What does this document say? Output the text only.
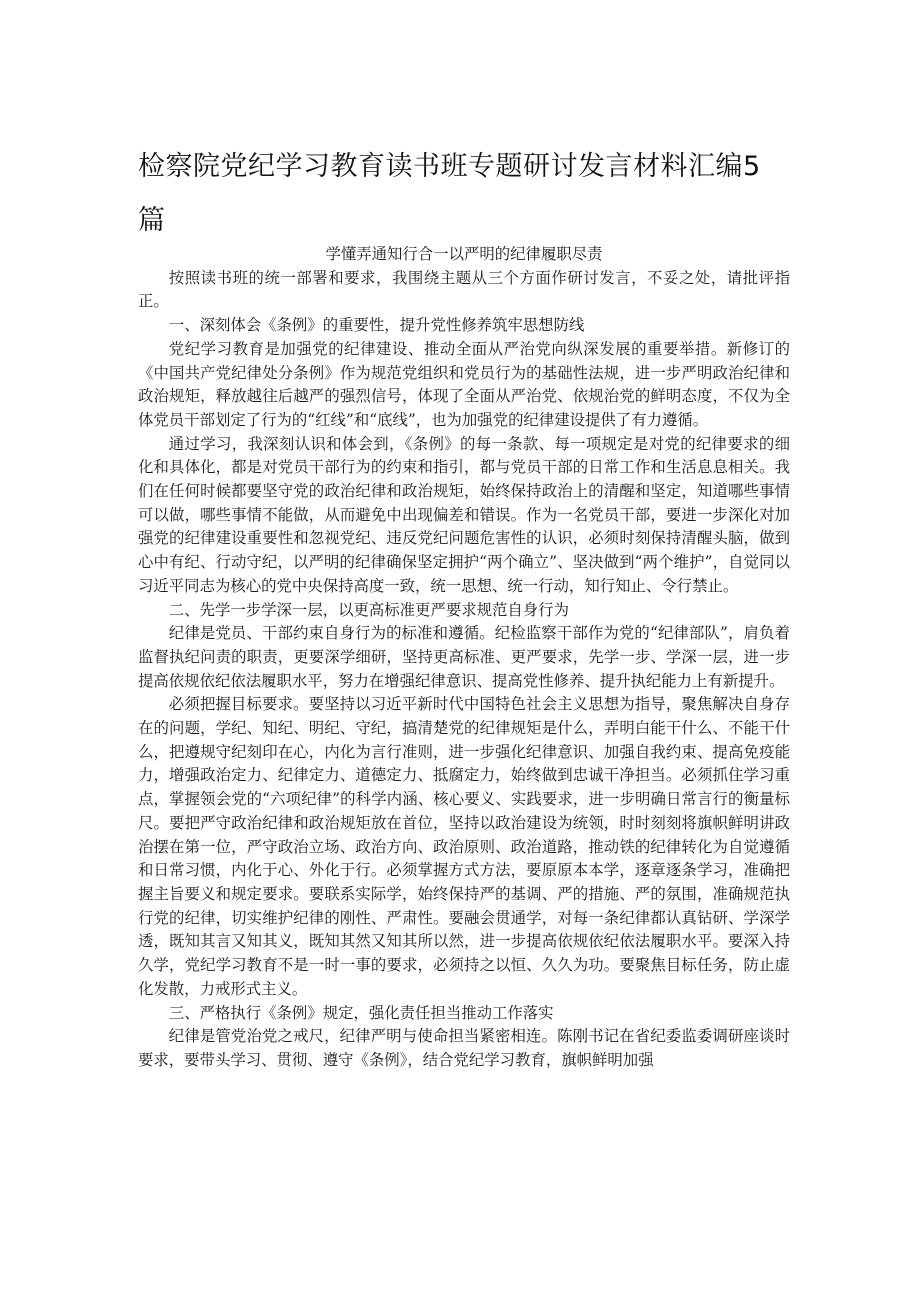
检察院党纪学习教育读书班专题研讨发言材料汇编5篇
学懂弄通知行合一以严明的纪律履职尽责

按照读书班的统一部署和要求，我围绕主题从三个方面作研讨发言，不妥之处，请批评指正。

一、深刻体会《条例》的重要性，提升党性修养筑牢思想防线

党纪学习教育是加强党的纪律建设、推动全面从严治党向纵深发展的重要举措。新修订的《中国共产党纪律处分条例》作为规范党组织和党员行为的基础性法规，进一步严明政治纪律和政治规矩，释放越往后越严的强烈信号，体现了全面从严治党、依规治党的鲜明态度，不仅为全体党员干部划定了行为的“红线”和“底线”，也为加强党的纪律建设提供了有力遵循。

通过学习，我深刻认识和体会到，《条例》的每一条款、每一项规定是对党的纪律要求的细化和具体化，都是对党员干部行为的约束和指引，都与党员干部的日常工作和生活息息相关。我们在任何时候都要坚守党的政治纪律和政治规矩，始终保持政治上的清醒和坚定，知道哪些事情可以做，哪些事情不能做，从而避免中出现偏差和错误。作为一名党员干部，要进一步深化对加强党的纪律建设重要性和忽视党纪、违反党纪问题危害性的认识，必须时刻保持清醒头脑，做到心中有纪、行动守纪，以严明的纪律确保坚定拥护“两个确立”、坚决做到“两个维护”，自觉同以习近平同志为核心的党中央保持高度一致，统一思想、统一行动，知行知止、令行禁止。

二、先学一步学深一层，以更高标准更严要求规范自身行为

纪律是党员、干部约束自身行为的标准和遵循。纪检监察干部作为党的“纪律部队”，肩负着监督执纪问责的职责，更要深学细研，坚持更高标准、更严要求，先学一步、学深一层，进一步提高依规依纪依法履职水平，努力在增强纪律意识、提高党性修养、提升执纪能力上有新提升。

必须把握目标要求。要坚持以习近平新时代中国特色社会主义思想为指导，聚焦解决自身存在的问题，学纪、知纪、明纪、守纪，搞清楚党的纪律规矩是什么，弄明白能干什么、不能干什么，把遵规守纪刻印在心，内化为言行准则，进一步强化纪律意识、加强自我约束、提高免疫能力，增强政治定力、纪律定力、道德定力、抵腐定力，始终做到忠诚干净担当。必须抓住学习重点，掌握领会党的“六项纪律”的科学内涵、核心要义、实践要求，进一步明确日常言行的衡量标尺。要把严守政治纪律和政治规矩放在首位，坚持以政治建设为统领，时时刻刻将旗帜鲜明讲政治摆在第一位，严守政治立场、政治方向、政治原则、政治道路，推动铁的纪律转化为自觉遵循和日常习惯，内化于心、外化于行。必须掌握方式方法，要原原本本学，逐章逐条学习，准确把握主旨要义和规定要求。要联系实际学，始终保持严的基调、严的措施、严的氛围，准确规范执行党的纪律，切实维护纪律的刚性、严肃性。要融会贯通学，对每一条纪律都认真钻研、学深学透，既知其言又知其义，既知其然又知其所以然，进一步提高依规依纪依法履职水平。要深入持久学，党纪学习教育不是一时一事的要求，必须持之以恒、久久为功。要聚焦目标任务，防止虚化发散，力戒形式主义。

三、严格执行《条例》规定，强化责任担当推动工作落实

纪律是管党治党之戒尺，纪律严明与使命担当紧密相连。陈刚书记在省纪委监委调研座谈时要求，要带头学习、贯彻、遵守《条例》，结合党纪学习教育，旗帜鲜明加强
